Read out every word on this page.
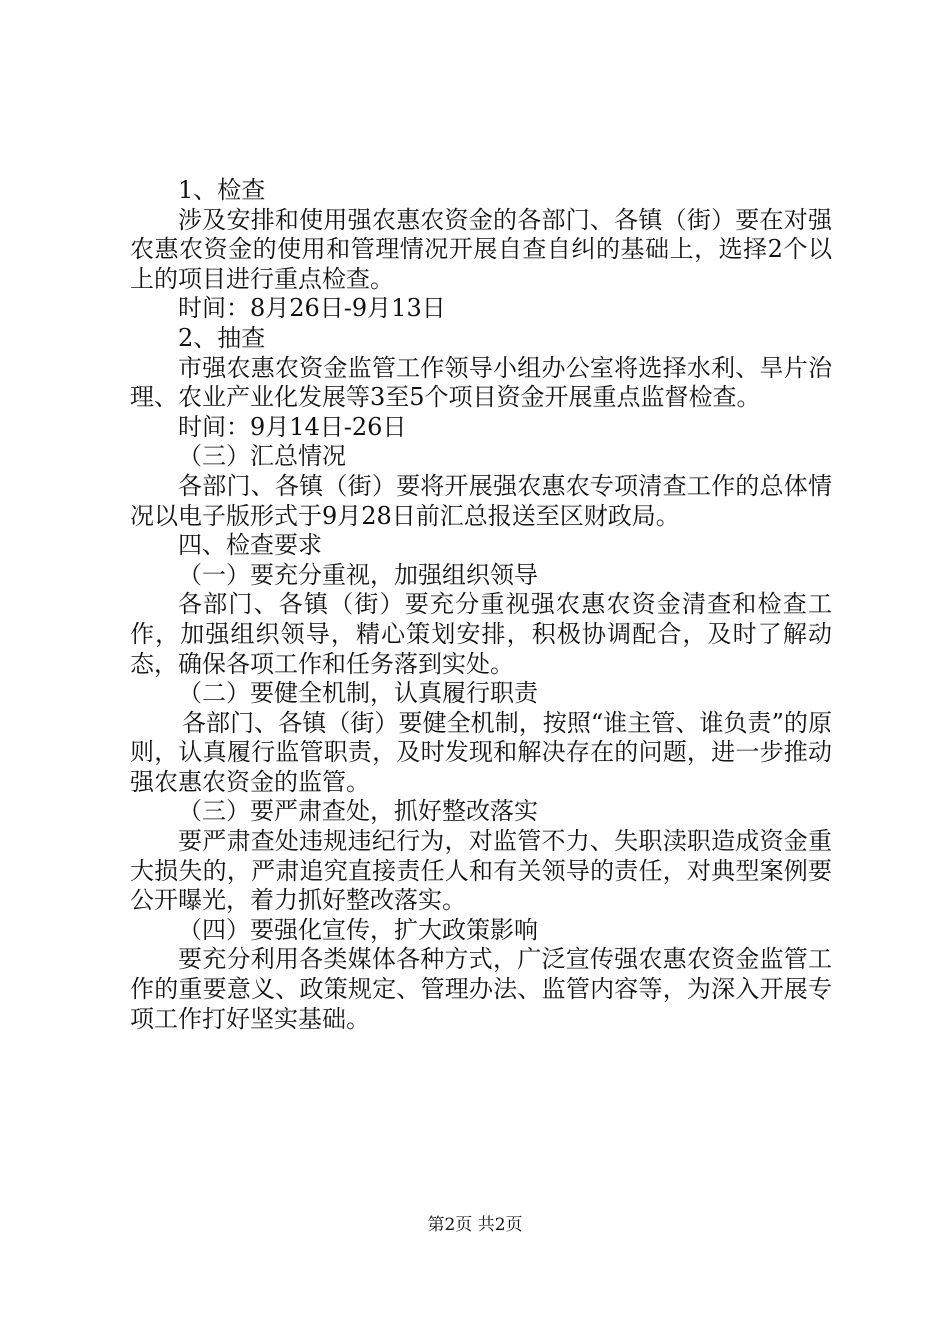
1、检查

涉及安排和使用强农惠农资金的各部门、各镇（街）要在对强农惠农资金的使用和管理情况开展自查自纠的基础上，选择2个以上的项目进行重点检查。

时间：8月26日-9月13日

2、抽查

市强农惠农资金监管工作领导小组办公室将选择水利、旱片治理、农业产业化发展等3至5个项目资金开展重点监督检查。

时间：9月14日-26日

（三）汇总情况

各部门、各镇（街）要将开展强农惠农专项清查工作的总体情况以电子版形式于9月28日前汇总报送至区财政局。

四、检查要求

（一）要充分重视，加强组织领导

各部门、各镇（街）要充分重视强农惠农资金清查和检查工作，加强组织领导，精心策划安排，积极协调配合，及时了解动态，确保各项工作和任务落到实处。

（二）要健全机制，认真履行职责

各部门、各镇（街）要健全机制，按照“谁主管、谁负责”的原则，认真履行监管职责，及时发现和解决存在的问题，进一步推动强农惠农资金的监管。

（三）要严肃查处，抓好整改落实

要严肃查处违规违纪行为，对监管不力、失职渎职造成资金重大损失的，严肃追究直接责任人和有关领导的责任，对典型案例要公开曝光，着力抓好整改落实。

（四）要强化宣传，扩大政策影响

要充分利用各类媒体各种方式，广泛宣传强农惠农资金监管工作的重要意义、政策规定、管理办法、监管内容等，为深入开展专项工作打好坚实基础。

第2页 共2页
